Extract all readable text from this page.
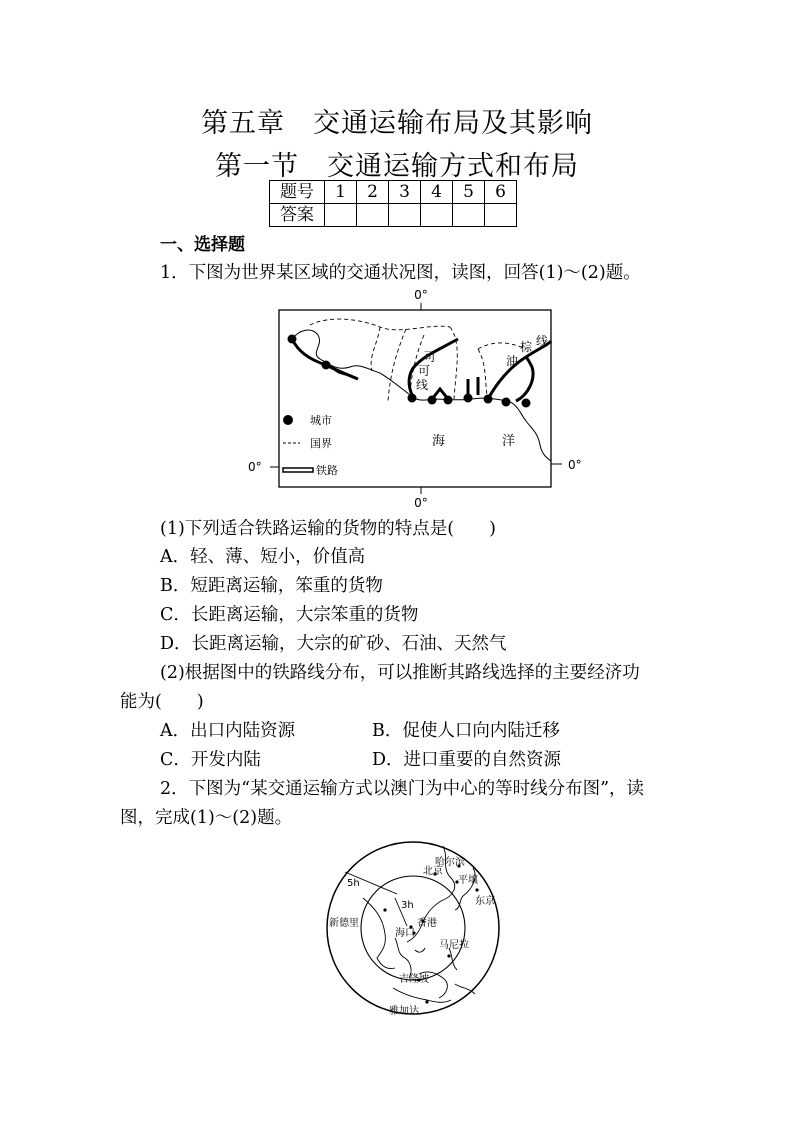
第五章 交通运输布局及其影响
第一节 交通运输方式和布局
题号	1	2	3	4	5	6
答案						
一、选择题
1．下图为世界某区域的交通状况图，读图，回答(1)～(2)题。
0°
0°
0°	0°
可
可
线
油
棕 线
海	洋
城市
国界
铁路
(1)下列适合铁路运输的货物的特点是(　　)
A．轻、薄、短小，价值高
B．短距离运输，笨重的货物
C．长距离运输，大宗笨重的货物
D．长距离运输，大宗的矿砂、石油、天然气
(2)根据图中的铁路线分布，可以推断其路线选择的主要经济功
能为(　　)
A．出口内陆资源	B．促使人口向内陆迁移
C．开发内陆	D．进口重要的自然资源
2．下图为“某交通运输方式以澳门为中心的等时线分布图”，读
图，完成(1)～(2)题。
5h
3h
哈尔滨
北京
平壤
东京
新德里	香港
海口
马尼拉
吉隆坡
雅加达
